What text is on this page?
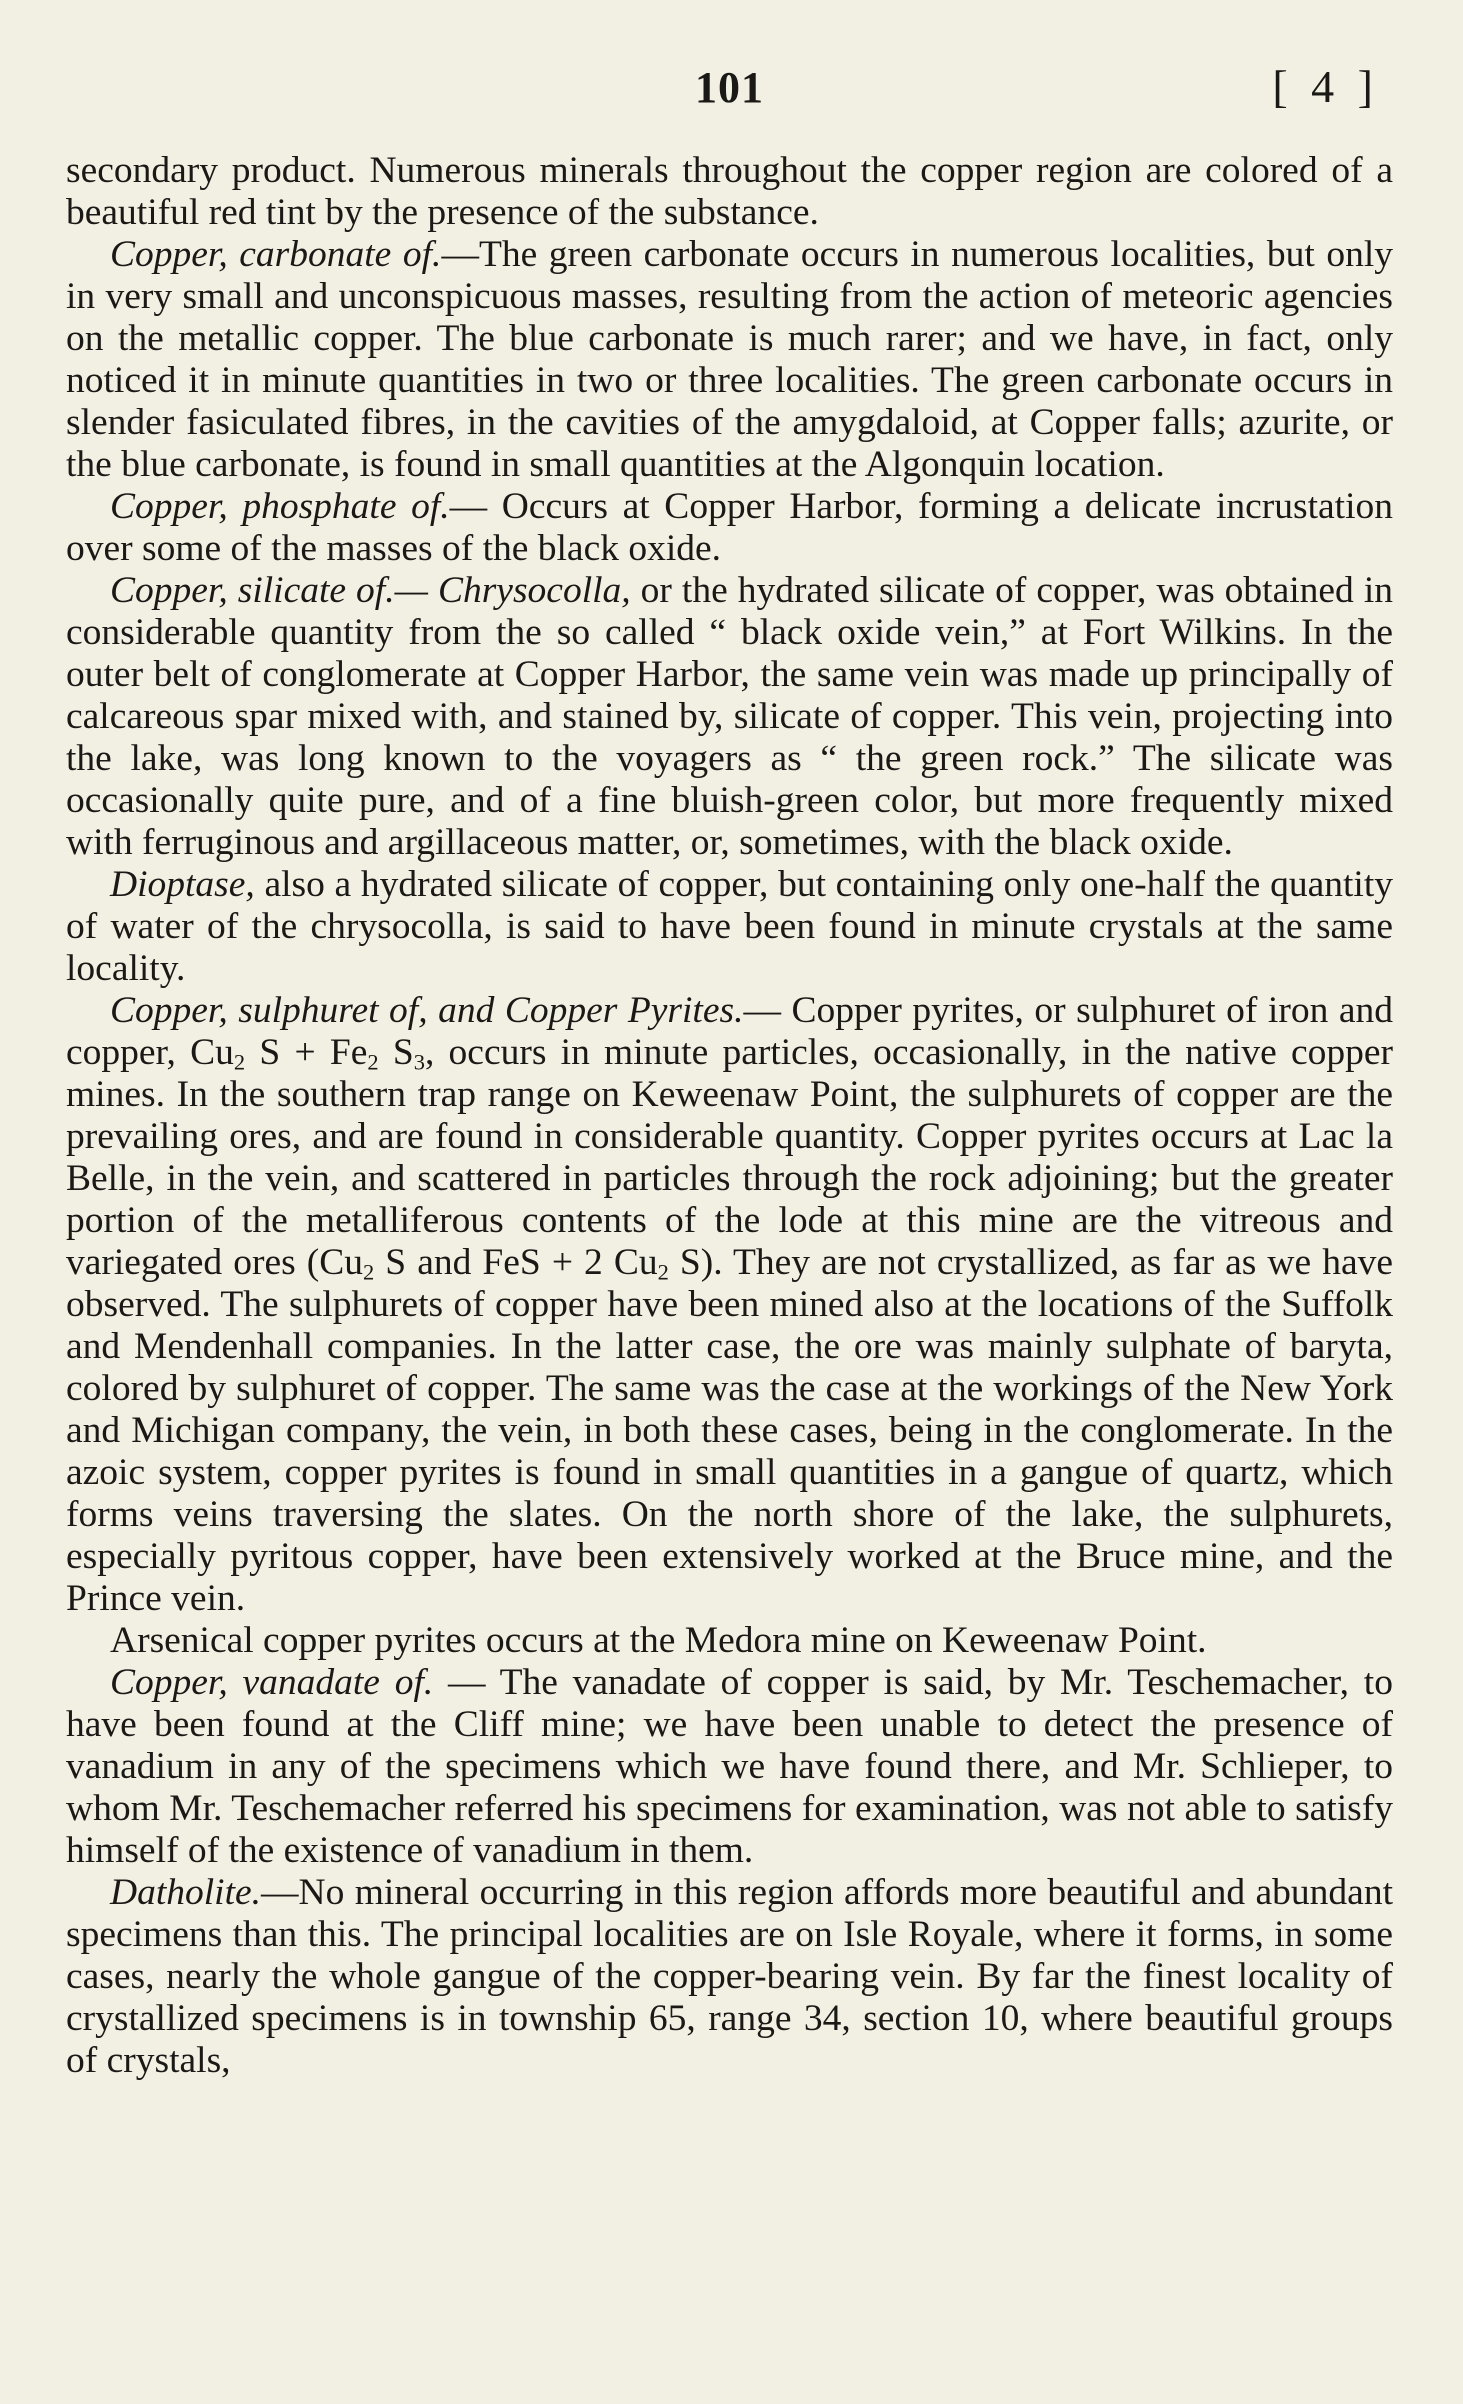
101	[ 4 ]

secondary product. Numerous minerals throughout the copper region are colored of a beautiful red tint by the presence of the substance.

Copper, carbonate of.—The green carbonate occurs in numerous localities, but only in very small and unconspicuous masses, resulting from the action of meteoric agencies on the metallic copper. The blue carbonate is much rarer; and we have, in fact, only noticed it in minute quantities in two or three localities. The green carbonate occurs in slender fasiculated fibres, in the cavities of the amygdaloid, at Copper falls; azurite, or the blue carbonate, is found in small quantities at the Algonquin location.

Copper, phosphate of.— Occurs at Copper Harbor, forming a delicate incrustation over some of the masses of the black oxide.

Copper, silicate of.— Chrysocolla, or the hydrated silicate of copper, was obtained in considerable quantity from the so called “ black oxide vein,” at Fort Wilkins. In the outer belt of conglomerate at Copper Harbor, the same vein was made up principally of calcareous spar mixed with, and stained by, silicate of copper. This vein, projecting into the lake, was long known to the voyagers as “ the green rock.” The silicate was occasionally quite pure, and of a fine bluish-green color, but more frequently mixed with ferruginous and argillaceous matter, or, sometimes, with the black oxide.

Dioptase, also a hydrated silicate of copper, but containing only one-half the quantity of water of the chrysocolla, is said to have been found in minute crystals at the same locality.

Copper, sulphuret of, and Copper Pyrites.— Copper pyrites, or sulphuret of iron and copper, $Cu_2$ $S + Fe_2$ $S_3$, occurs in minute particles, occasionally, in the native copper mines. In the southern trap range on Keweenaw Point, the sulphurets of copper are the prevailing ores, and are found in considerable quantity. Copper pyrites occurs at Lac la Belle, in the vein, and scattered in particles through the rock adjoining; but the greater portion of the metalliferous contents of the lode at this mine are the vitreous and variegated ores ($Cu_2$ S and FeS + 2 $Cu_2$ S). They are not crystallized, as far as we have observed. The sulphurets of copper have been mined also at the locations of the Suffolk and Mendenhall companies. In the latter case, the ore was mainly sulphate of baryta, colored by sulphuret of copper. The same was the case at the workings of the New York and Michigan company, the vein, in both these cases, being in the conglomerate. In the azoic system, copper pyrites is found in small quantities in a gangue of quartz, which forms veins traversing the slates. On the north shore of the lake, the sulphurets, especially pyritous copper, have been extensively worked at the Bruce mine, and the Prince vein.

Arsenical copper pyrites occurs at the Medora mine on Keweenaw Point.

Copper, vanadate of. — The vanadate of copper is said, by Mr. Teschemacher, to have been found at the Cliff mine; we have been unable to detect the presence of vanadium in any of the specimens which we have found there, and Mr. Schlieper, to whom Mr. Teschemacher referred his specimens for examination, was not able to satisfy himself of the existence of vanadium in them.

Datholite.—No mineral occurring in this region affords more beautiful and abundant specimens than this. The principal localities are on Isle Royale, where it forms, in some cases, nearly the whole gangue of the copper-bearing vein. By far the finest locality of crystallized specimens is in township 65, range 34, section 10, where beautiful groups of crystals,
